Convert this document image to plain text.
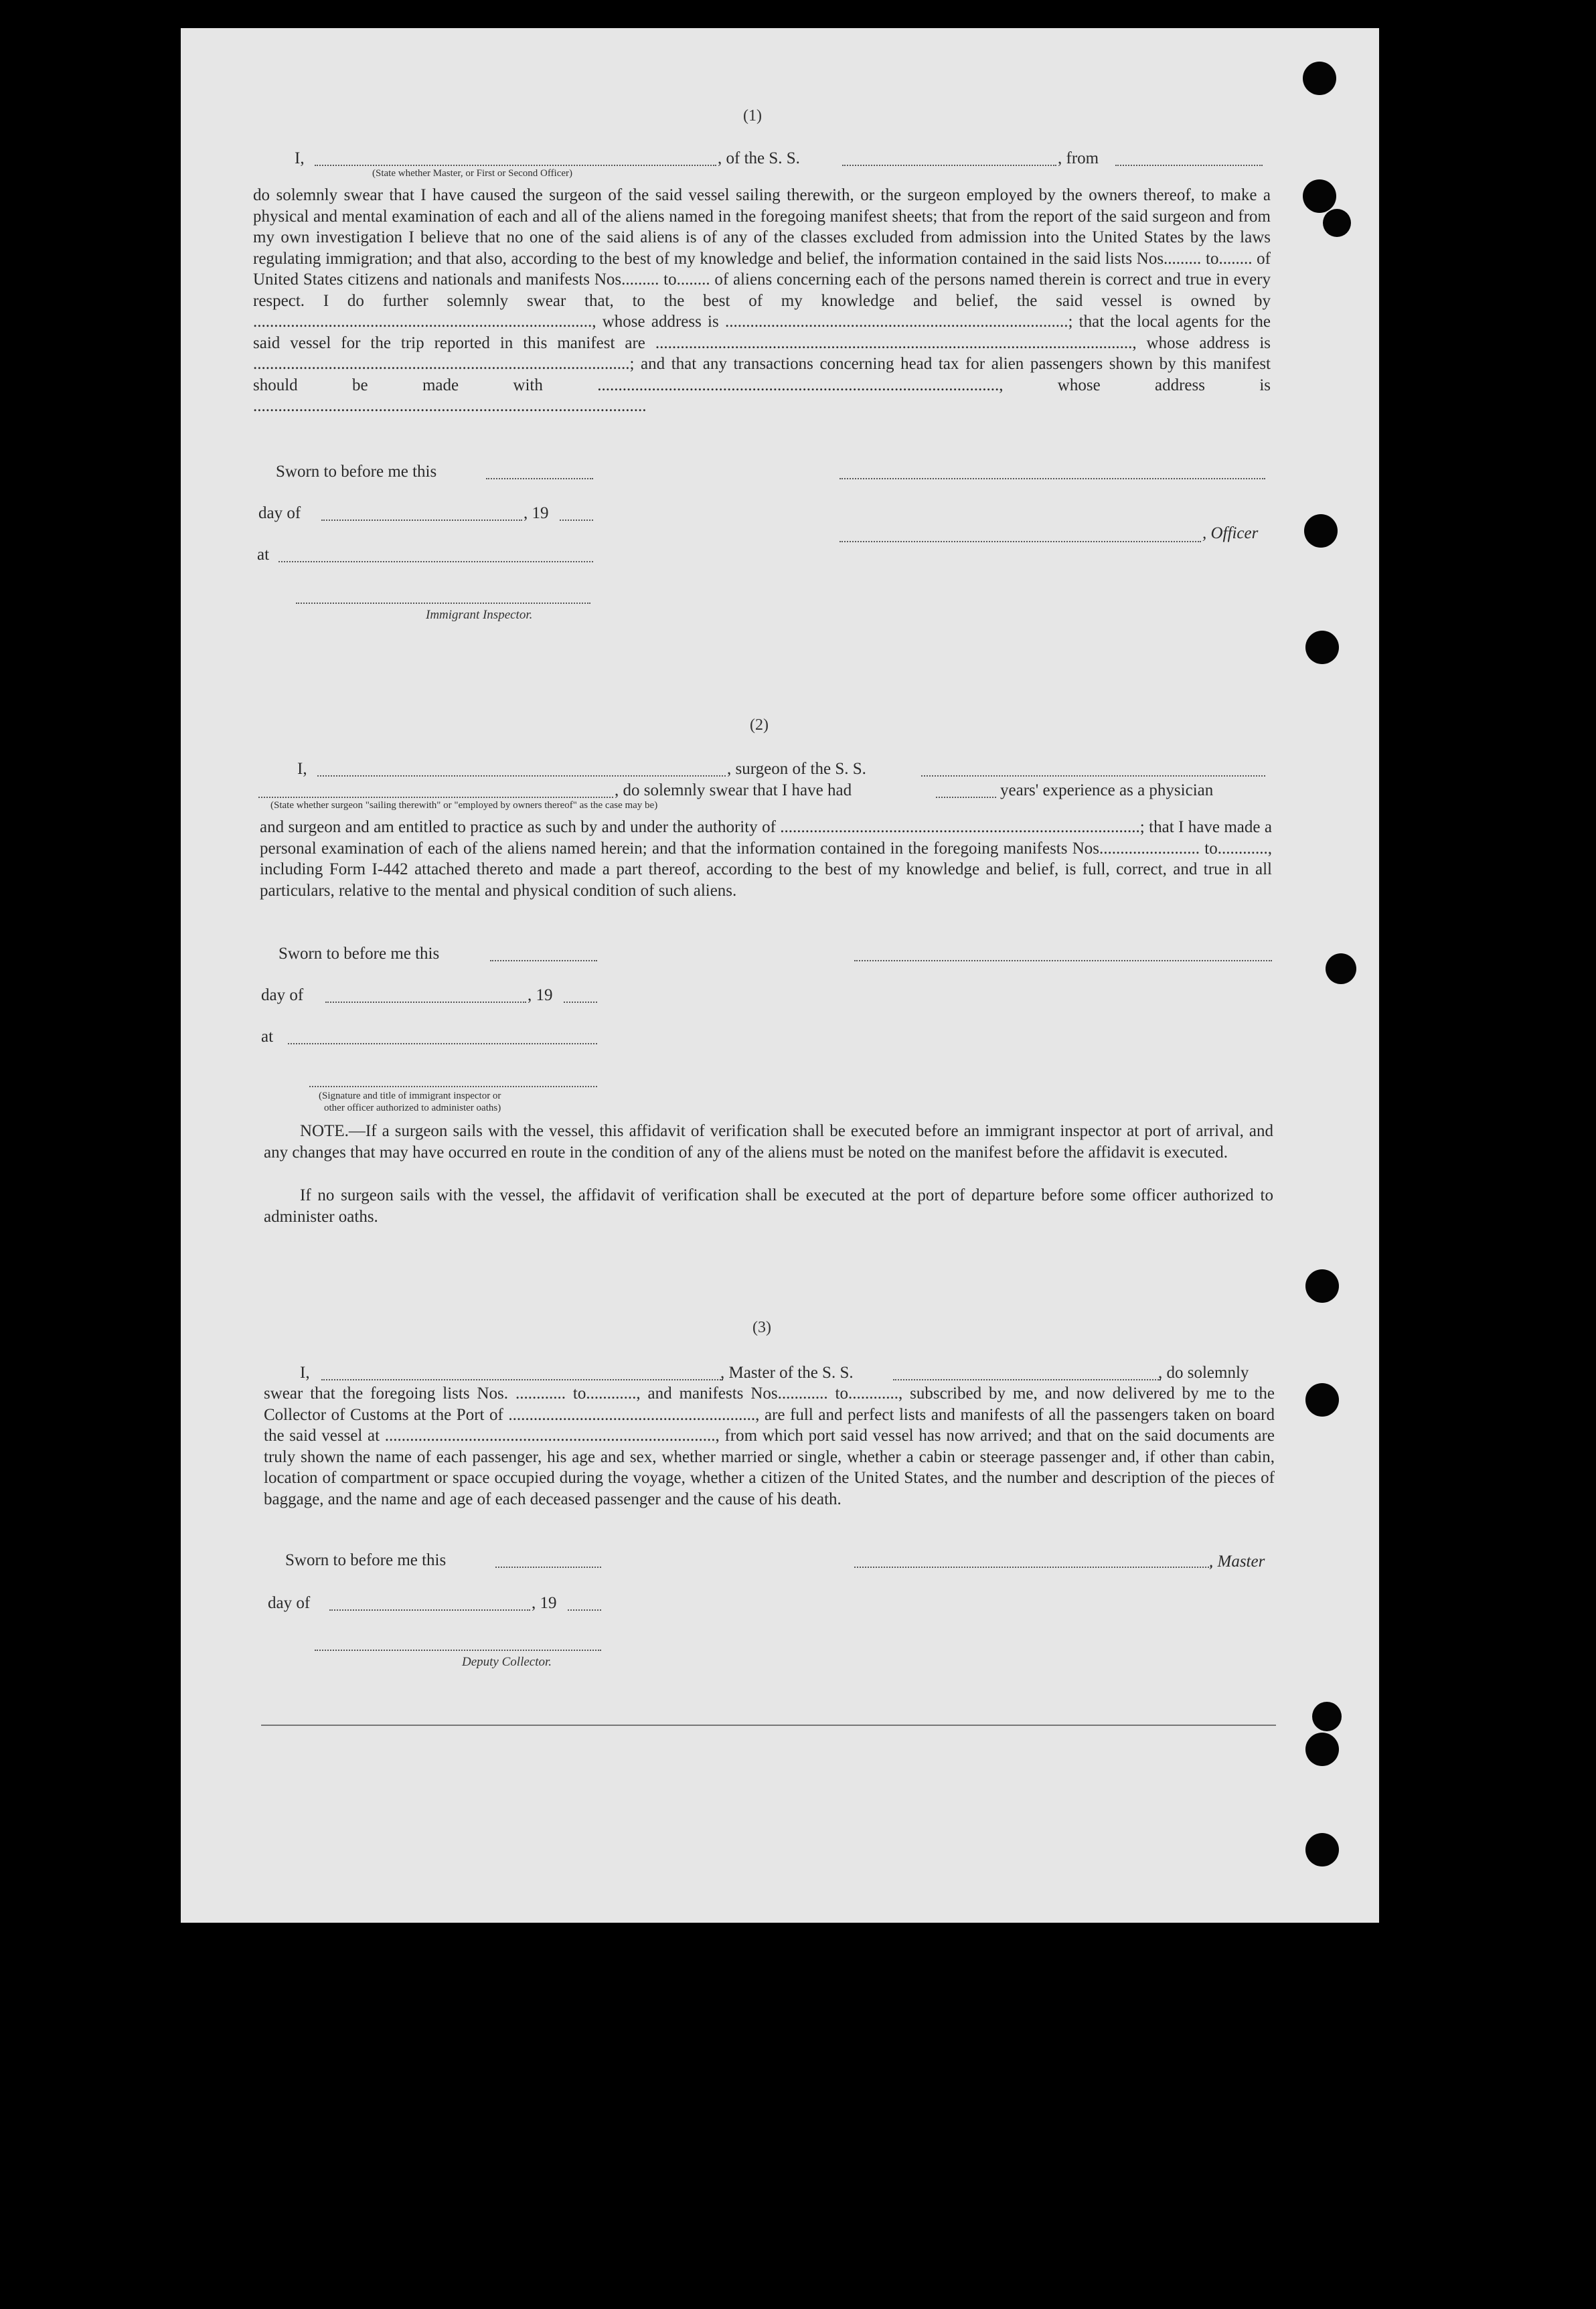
(1)
I,	, of the S. S.	, from
(State whether Master, or First or Second Officer)
do solemnly swear that I have caused the surgeon of the said vessel sailing therewith, or the surgeon employed by the owners thereof, to make a physical and mental examination of each and all of the aliens named in the foregoing manifest sheets; that from the report of the said surgeon and from my own investigation I believe that no one of the said aliens is of any of the classes excluded from admission into the United States by the laws regulating immigration; and that also, according to the best of my knowledge and belief, the information contained in the said lists Nos......... to........ of United States citizens and nationals and manifests Nos......... to........ of aliens concerning each of the persons named therein is correct and true in every respect. I do further solemnly swear that, to the best of my knowledge and belief, the said vessel is owned by ................................................................................., whose address is ..................................................................................; that the local agents for the said vessel for the trip reported in this manifest are .................................................................................................................., whose address is ..........................................................................................; and that any transactions concerning head tax for alien passengers shown by this manifest should be made with ................................................................................................, whose address is ..............................................................................................
Sworn to before me this
day of	, 19
, Officer
at
Immigrant Inspector.
(2)
I,	, surgeon of the S. S.
, do solemnly swear that I have had	years' experience as a physician
(State whether surgeon "sailing therewith" or "employed by owners thereof" as the case may be)
and surgeon and am entitled to practice as such by and under the authority of ......................................................................................; that I have made a personal examination of each of the aliens named herein; and that the information contained in the foregoing manifests Nos........................ to............, including Form I-442 attached thereto and made a part thereof, according to the best of my knowledge and belief, is full, correct, and true in all particulars, relative to the mental and physical condition of such aliens.
Sworn to before me this
day of	, 19
at
(Signature and title of immigrant inspector or
other officer authorized to administer oaths)
NOTE.—If a surgeon sails with the vessel, this affidavit of verification shall be executed before an immigrant inspector at port of arrival, and any changes that may have occurred en route in the condition of any of the aliens must be noted on the manifest before the affidavit is executed.
If no surgeon sails with the vessel, the affidavit of verification shall be executed at the port of departure before some officer authorized to administer oaths.
(3)
I,	, Master of the S. S.	, do solemnly
swear that the foregoing lists Nos. ............ to............, and manifests Nos............ to............, subscribed by me, and now delivered by me to the Collector of Customs at the Port of ..........................................................., are full and perfect lists and manifests of all the passengers taken on board the said vessel at ..............................................................................., from which port said vessel has now arrived; and that on the said documents are truly shown the name of each passenger, his age and sex, whether married or single, whether a cabin or steerage passenger and, if other than cabin, location of compartment or space occupied during the voyage, whether a citizen of the United States, and the number and description of the pieces of baggage, and the name and age of each deceased passenger and the cause of his death.
Sworn to before me this	, Master
day of	, 19
Deputy Collector.
